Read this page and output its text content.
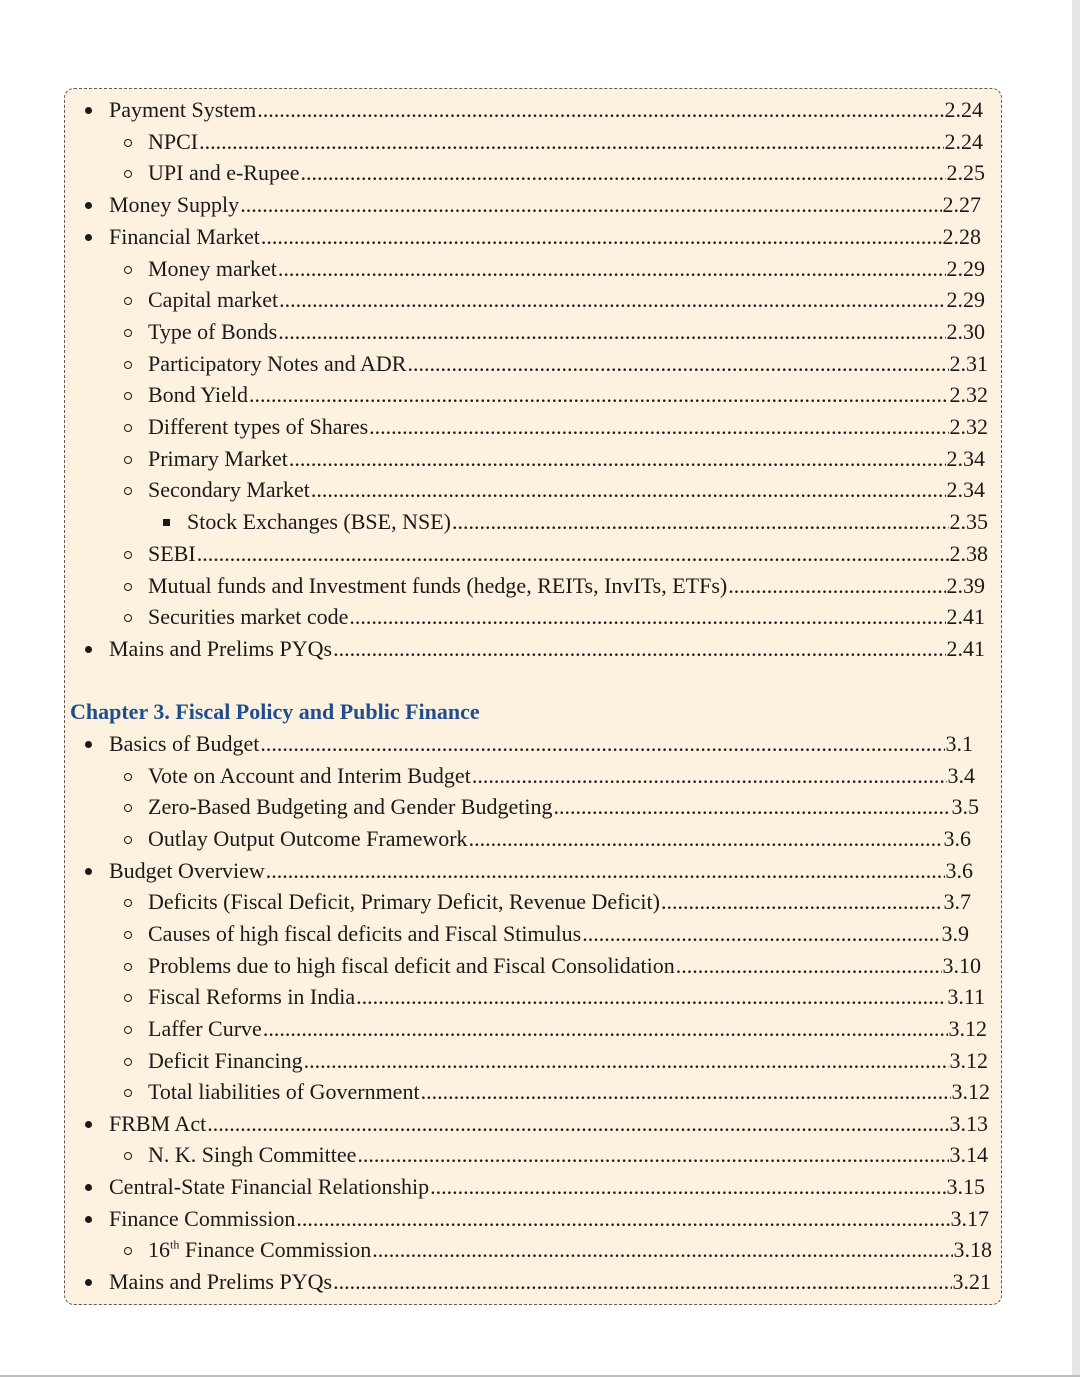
Payment System .....	2.24
NPCI .....	2.24
UPI and e-Rupee .....	2.25
Money Supply .....	2.27
Financial Market .....	2.28
Money market .....	2.29
Capital market .....	2.29
Type of Bonds .....	2.30
Participatory Notes and ADR .....	2.31
Bond Yield .....	2.32
Different types of Shares .....	2.32
Primary Market .....	2.34
Secondary Market .....	2.34
Stock Exchanges (BSE, NSE) .....	2.35
SEBI .....	2.38
Mutual funds and Investment funds (hedge, REITs, InvITs, ETFs) .....	2.39
Securities market code .....	2.41
Mains and Prelims PYQs .....	2.41
Basics of Budget .....	3.1
Vote on Account and Interim Budget .....	3.4
Zero-Based Budgeting and Gender Budgeting .....	3.5
Outlay Output Outcome Framework .....	3.6
Budget Overview .....	3.6
Deficits (Fiscal Deficit, Primary Deficit, Revenue Deficit) .....	3.7
Causes of high fiscal deficits and Fiscal Stimulus .....	3.9
Problems due to high fiscal deficit and Fiscal Consolidation .....	3.10
Fiscal Reforms in India .....	3.11
Laffer Curve .....	3.12
Deficit Financing .....	3.12
Total liabilities of Government .....	3.12
FRBM Act .....	3.13
N. K. Singh Committee .....	3.14
Central-State Financial Relationship .....	3.15
Finance Commission .....	3.17
16th Finance Commission .....	3.18
Mains and Prelims PYQs .....	3.21
Chapter 3. Fiscal Policy and Public Finance
